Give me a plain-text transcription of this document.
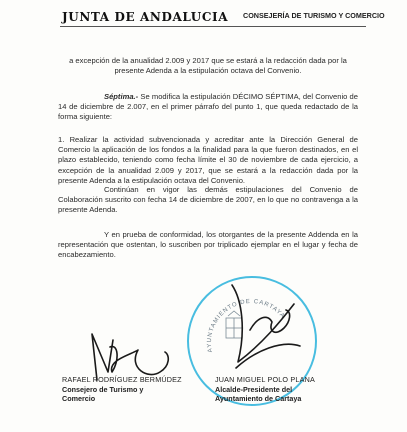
JUNTA DE ANDALUCIA CONSEJERÍA DE TURISMO Y COMERCIO
a excepción de la anualidad 2.009 y 2017 que se estará a la redacción dada por la presente Adenda a la estipulación octava del Convenio.
Séptima.- Se modifica la estipulación DÉCIMO SÉPTIMA, del Convenio de 14 de diciembre de 2.007, en el primer párrafo del punto 1, que queda redactado de la forma siguiente:
1. Realizar la actividad subvencionada y acreditar ante la Dirección General de Comercio la aplicación de los fondos a la finalidad para la que fueron destinados, en el plazo establecido, teniendo como fecha límite el 30 de noviembre de cada ejercicio, a excepción de la anualidad 2.009 y 2017, que se estará a la redacción dada por la presente Adenda a la estipulación octava del Convenio.
Continúan en vigor las demás estipulaciones del Convenio de Colaboración suscrito con fecha 14 de diciembre de 2007, en lo que no contravenga a la presente Adenda.
Y en prueba de conformidad, los otorgantes de la presente Addenda en la representación que ostentan, lo suscriben por triplicado ejemplar en el lugar y fecha de encabezamiento.
AYUNTAMIENTO DE CARTAYA
RAFAEL RODRÍGUEZ BERMÚDEZ
Consejero de Turismo y
Comercio
JUAN MIGUEL POLO PLANA
Alcalde-Presidente del
Ayuntamiento de Cartaya
